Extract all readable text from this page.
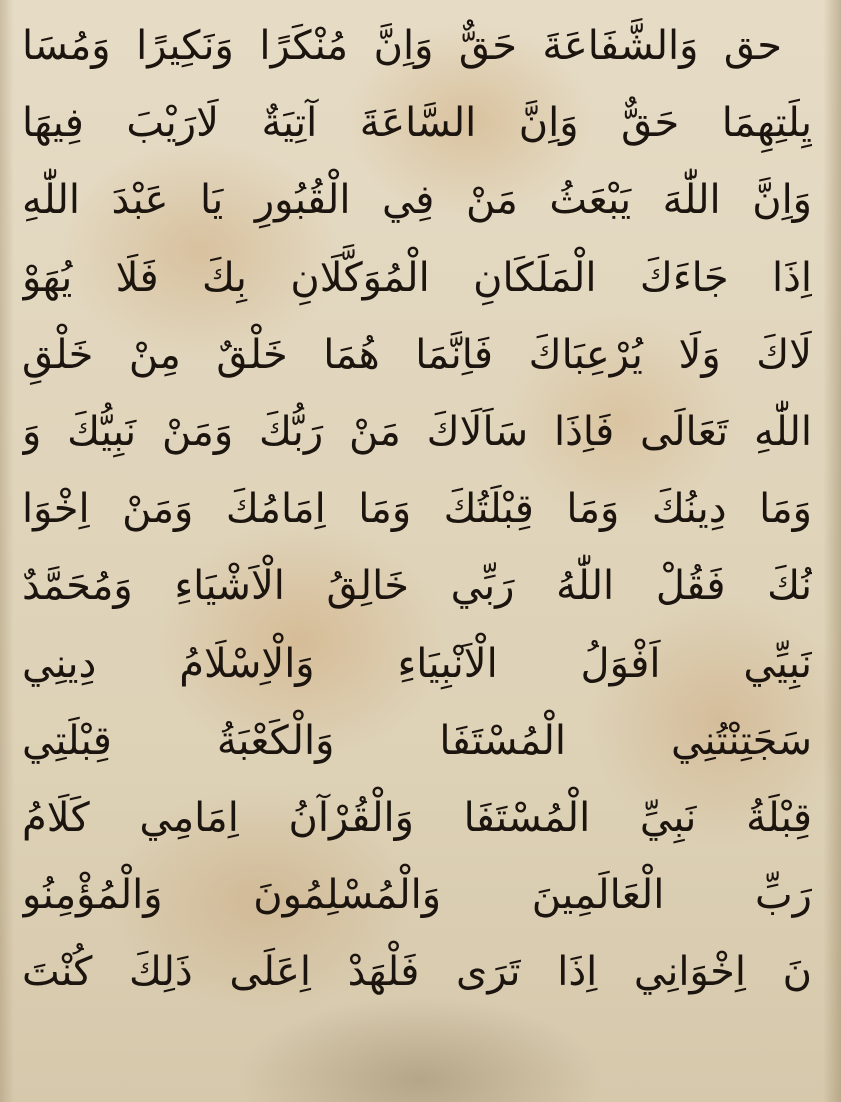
حق وَالشَّفَاعَةَ حَقٌّ وَاِنَّ مُنْكَرًا وَنَكِيرًا وَمُسَا
يِلَتِهِمَا حَقٌّ وَاِنَّ السَّاعَةَ آتِيَةٌ لَارَيْبَ فِيهَا
وَاِنَّ اللّٰهَ يَبْعَثُ مَنْ فِي الْقُبُورِ يَا عَبْدَ اللّٰهِ
اِذَا جَاءَكَ الْمَلَكَانِ الْمُوَكَّلَانِ بِكَ فَلَا يُهَوْ
لَاكَ وَلَا يُرْعِبَاكَ فَاِنَّمَا هُمَا خَلْقٌ مِنْ خَلْقِ
اللّٰهِ تَعَالَى فَاِذَا سَاَلَاكَ مَنْ رَبُّكَ وَمَنْ نَبِيُّكَ وَ
وَمَا دِينُكَ وَمَا قِبْلَتُكَ وَمَا اِمَامُكَ وَمَنْ اِخْوَا
نُكَ فَقُلْ اللّٰهُ رَبِّي خَالِقُ الْاَشْيَاءِ وَمُحَمَّدٌ
نَبِيِّي اَفْوَلُ الْاَنْبِيَاءِ وَالْاِسْلَامُ دِينِي
سَجَتِنْتُنِي الْمُسْتَفَا وَالْكَعْبَةُ قِبْلَتِي
قِبْلَةُ نَبِيِّ الْمُسْتَفَا وَالْقُرْآنُ اِمَامِي كَلَامُ
رَبِّ الْعَالَمِينَ وَالْمُسْلِمُونَ وَالْمُؤْمِنُو
نَ اِخْوَانِي اِذَا تَرَى فَلْهَدْ اِعَلَى ذَلِكَ كُنْتَ
